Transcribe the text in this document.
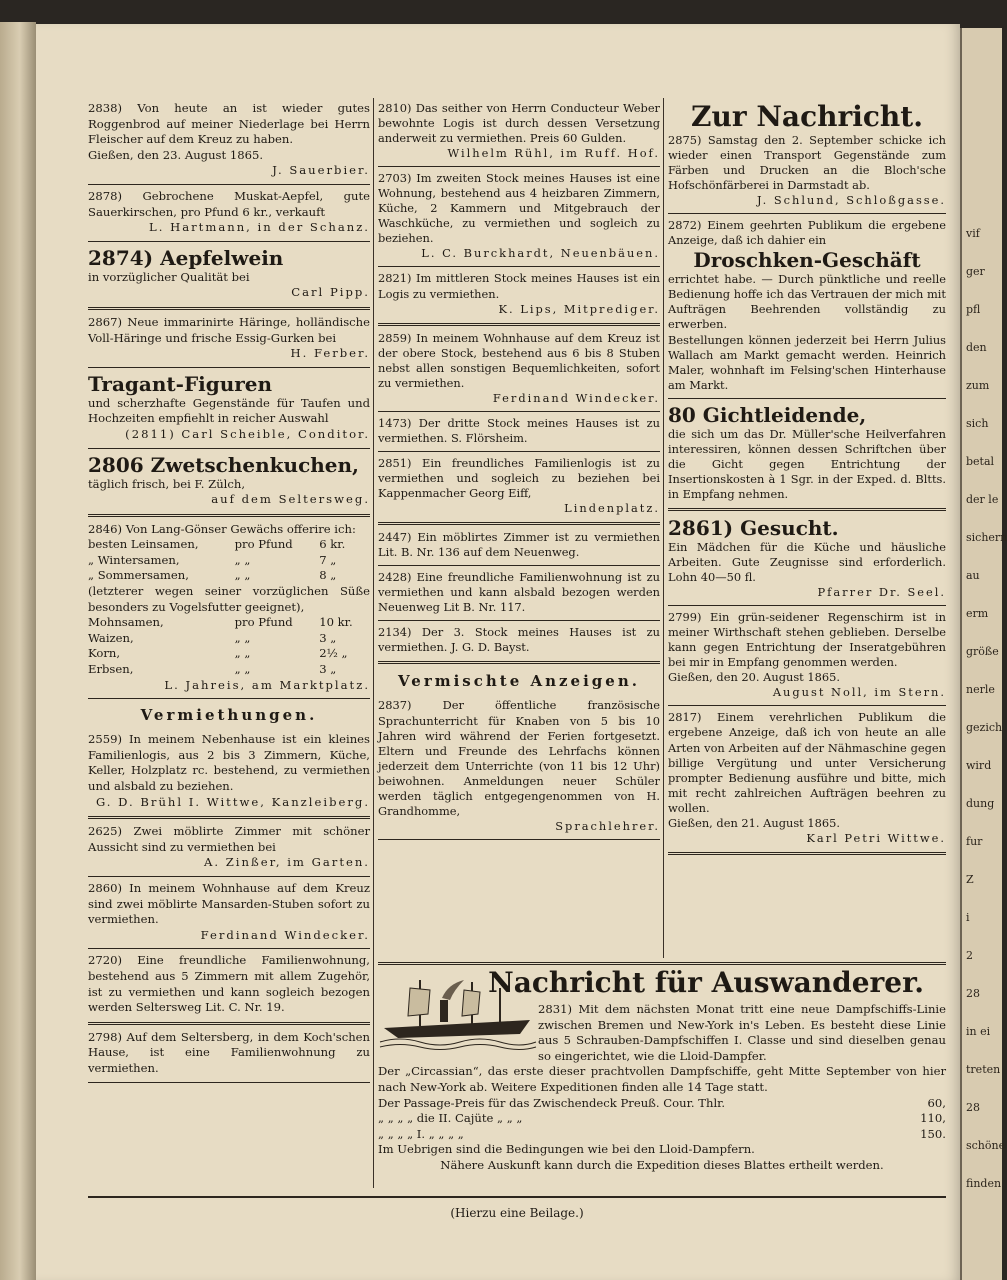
vif
ger
pfl
den
zum
sich
betal
der le
sichern
au
erm
größe
nerle
gezich
wird
dung
fur
Z
i
2
28
in ei
treten
28
schöne
finden

2838) Von heute an ist wieder gutes Roggenbrod auf meiner Niederlage bei Herrn Fleischer auf dem Kreuz zu haben.

Gießen, den 23. August 1865.

J. Sauerbier.

2878) Gebrochene Muskat-Aepfel, gute Sauerkirschen, pro Pfund 6 kr., verkauft

L. Hartmann, in der Schanz.

2874) Aepfelwein

in vorzüglicher Qualität bei

Carl Pipp.

2867) Neue immarinirte Häringe, holländische Voll-Häringe und frische Essig-Gurken bei

H. Ferber.

Tragant-Figuren

und scherzhafte Gegenstände für Taufen und Hochzeiten empfiehlt in reicher Auswahl

(2811) Carl Scheible, Conditor.

2806 Zwetschenkuchen,

täglich frisch, bei F. Zülch,

auf dem Seltersweg.

2846) Von Lang-Gönser Gewächs offerire ich:

besten Leinsamen,	pro Pfund	6 kr.
„ Wintersamen,	„ „	7 „
„ Sommersamen,	„ „	8 „

(letzterer wegen seiner vorzüglichen Süße besonders zu Vogelsfutter geeignet),

Mohnsamen,	pro Pfund	10 kr.
Waizen,	„ „	3 „
Korn,	„ „	2½ „
Erbsen,	„ „	3 „

L. Jahreis, am Marktplatz.

Vermiethungen.

2559) In meinem Nebenhause ist ein kleines Familienlogis, aus 2 bis 3 Zimmern, Küche, Keller, Holzplatz rc. bestehend, zu vermiethen und alsbald zu beziehen.

G. D. Brühl I. Wittwe, Kanzleiberg.

2625) Zwei möblirte Zimmer mit schöner Aussicht sind zu vermiethen bei

A. Zinßer, im Garten.

2860) In meinem Wohnhause auf dem Kreuz sind zwei möblirte Mansarden-Stuben sofort zu vermiethen.

Ferdinand Windecker.

2720) Eine freundliche Familienwohnung, bestehend aus 5 Zimmern mit allem Zugehör, ist zu vermiethen und kann sogleich bezogen werden Seltersweg Lit. C. Nr. 19.

2798) Auf dem Seltersberg, in dem Koch'schen Hause, ist eine Familienwohnung zu vermiethen.

2810) Das seither von Herrn Conducteur Weber bewohnte Logis ist durch dessen Versetzung anderweit zu vermiethen. Preis 60 Gulden.

Wilhelm Rühl, im Ruff. Hof.

2703) Im zweiten Stock meines Hauses ist eine Wohnung, bestehend aus 4 heizbaren Zimmern, Küche, 2 Kammern und Mitgebrauch der Waschküche, zu vermiethen und sogleich zu beziehen.

L. C. Burckhardt, Neuenbäuen.

2821) Im mittleren Stock meines Hauses ist ein Logis zu vermiethen.

K. Lips, Mitprediger.

2859) In meinem Wohnhause auf dem Kreuz ist der obere Stock, bestehend aus 6 bis 8 Stuben nebst allen sonstigen Bequemlichkeiten, sofort zu vermiethen.

Ferdinand Windecker.

1473) Der dritte Stock meines Hauses ist zu vermiethen. S. Flörsheim.

2851) Ein freundliches Familienlogis ist zu vermiethen und sogleich zu beziehen bei Kappenmacher Georg Eiff,

Lindenplatz.

2447) Ein möblirtes Zimmer ist zu vermiethen Lit. B. Nr. 136 auf dem Neuenweg.

2428) Eine freundliche Familienwohnung ist zu vermiethen und kann alsbald bezogen werden Neuenweg Lit B. Nr. 117.

2134) Der 3. Stock meines Hauses ist zu vermiethen. J. G. D. Bayst.

Vermischte Anzeigen.

2837) Der öffentliche französische Sprachunterricht für Knaben von 5 bis 10 Jahren wird während der Ferien fortgesetzt. Eltern und Freunde des Lehrfachs können jederzeit dem Unterrichte (von 11 bis 12 Uhr) beiwohnen. Anmeldungen neuer Schüler werden täglich entgegengenommen von H. Grandhomme,

Sprachlehrer.

Zur Nachricht.

2875) Samstag den 2. September schicke ich wieder einen Transport Gegenstände zum Färben und Drucken an die Bloch'sche Hofschönfärberei in Darmstadt ab.

J. Schlund, Schloßgasse.

2872) Einem geehrten Publikum die ergebene Anzeige, daß ich dahier ein

Droschken-Geschäft

errichtet habe. — Durch pünktliche und reelle Bedienung hoffe ich das Vertrauen der mich mit Aufträgen Beehrenden vollständig zu erwerben.

Bestellungen können jederzeit bei Herrn Julius Wallach am Markt gemacht werden. Heinrich Maler, wohnhaft im Felsing'schen Hinterhause am Markt.

80 Gichtleidende,

die sich um das Dr. Müller'sche Heilverfahren interessiren, können dessen Schriftchen über die Gicht gegen Entrichtung der Insertionskosten à 1 Sgr. in der Exped. d. Bltts. in Empfang nehmen.

2861) Gesucht.

Ein Mädchen für die Küche und häusliche Arbeiten. Gute Zeugnisse sind erforderlich. Lohn 40—50 fl.

Pfarrer Dr. Seel.

2799) Ein grün-seidener Regenschirm ist in meiner Wirthschaft stehen geblieben. Derselbe kann gegen Entrichtung der Inseratgebühren bei mir in Empfang genommen werden.

Gießen, den 20. August 1865.

August Noll, im Stern.

2817) Einem verehrlichen Publikum die ergebene Anzeige, daß ich von heute an alle Arten von Arbeiten auf der Nähmaschine gegen billige Vergütung und unter Versicherung prompter Bedienung ausführe und bitte, mich mit recht zahlreichen Aufträgen beehren zu wollen.

Gießen, den 21. August 1865.

Karl Petri Wittwe.

Nachricht für Auswanderer.

2831) Mit dem nächsten Monat tritt eine neue Dampfschiffs-Linie zwischen Bremen und New-York in's Leben. Es besteht diese Linie aus 5 Schrauben-Dampfschiffen I. Classe und sind dieselben genau so eingerichtet, wie die Lloid-Dampfer.

Der „Circassian“, das erste dieser prachtvollen Dampfschiffe, geht Mitte September von hier nach New-York ab. Weitere Expeditionen finden alle 14 Tage statt.

Der Passage-Preis für das Zwischendeck Preuß. Cour. Thlr.	60,
„ „ „ „ die II. Cajüte „ „ „	110,
„ „ „ „ I. „ „ „ „	150.

Im Uebrigen sind die Bedingungen wie bei den Lloid-Dampfern.

Nähere Auskunft kann durch die Expedition dieses Blattes ertheilt werden.

(Hierzu eine Beilage.)
